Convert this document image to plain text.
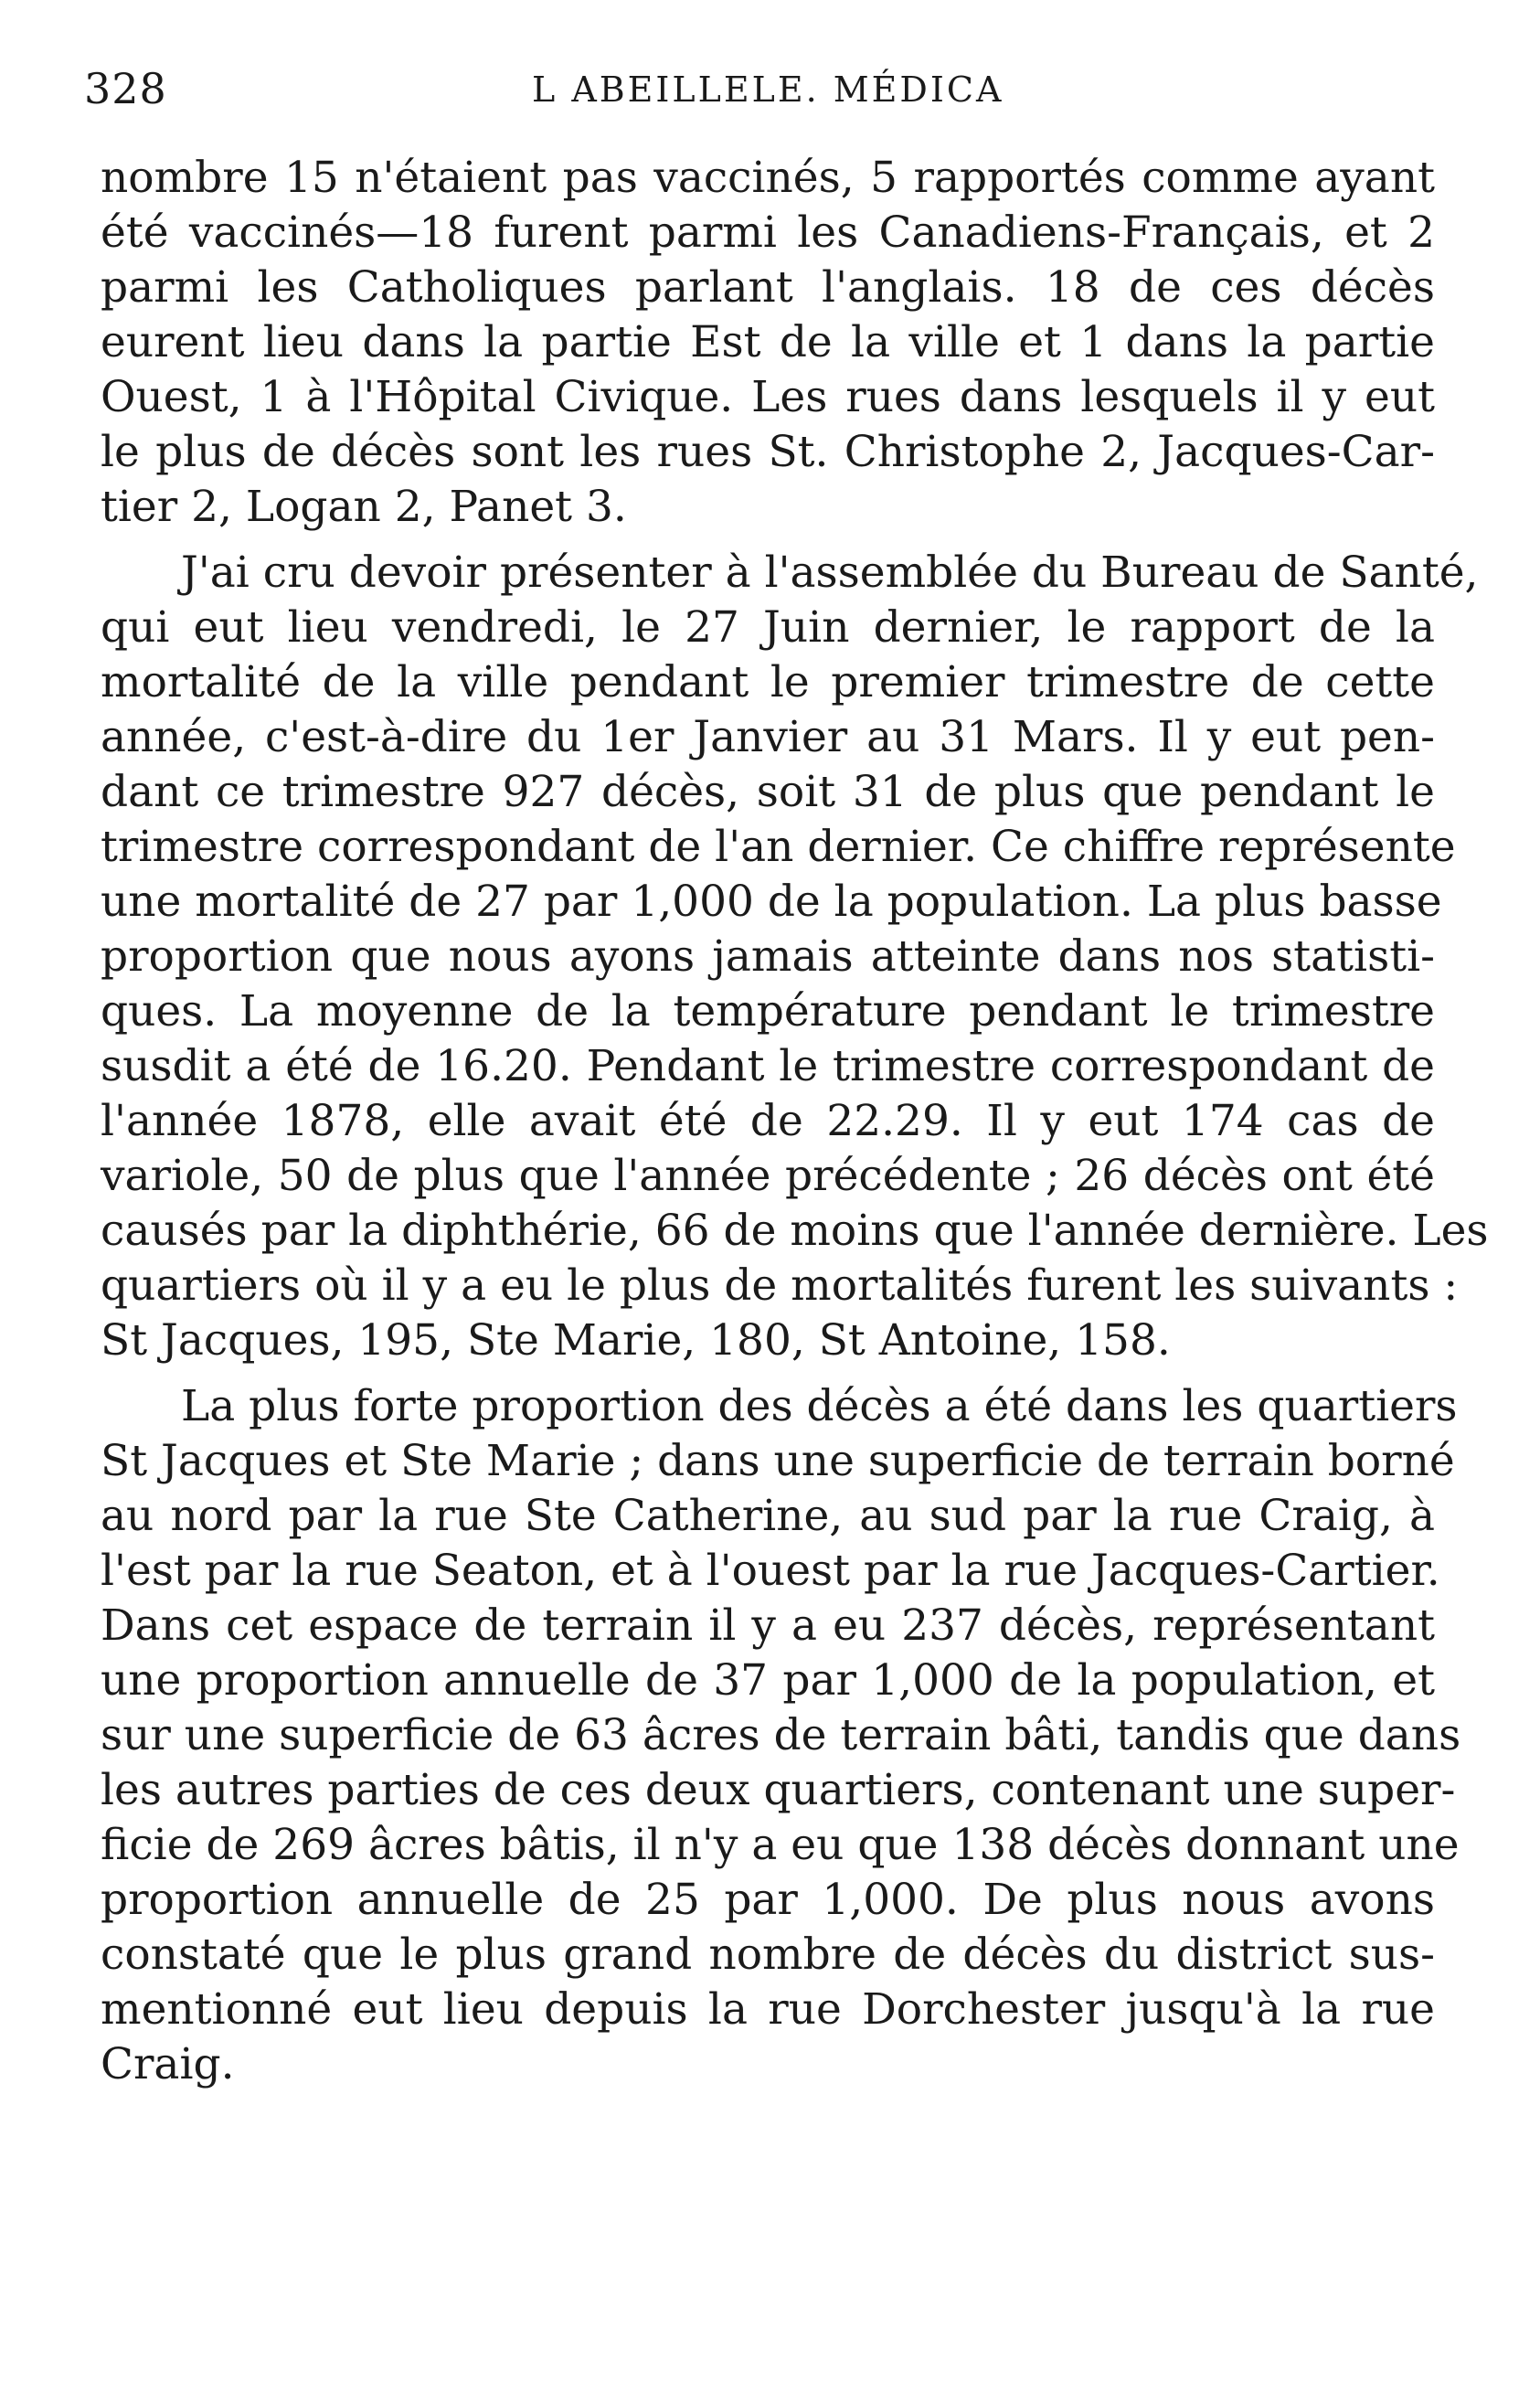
328	L ABEILLELE. MÉDICA
nombre 15 n'étaient pas vaccinés, 5 rapportés comme ayant
été vaccinés—18 furent parmi les Canadiens-Français, et 2
parmi les Catholiques parlant l'anglais. 18 de ces décès
eurent lieu dans la partie Est de la ville et 1 dans la partie
Ouest, 1 à l'Hôpital Civique. Les rues dans lesquels il y eut
le plus de décès sont les rues St. Christophe 2, Jacques-Car-
tier 2, Logan 2, Panet 3.
J'ai cru devoir présenter à l'assemblée du Bureau de Santé,
qui eut lieu vendredi, le 27 Juin dernier, le rapport de la
mortalité de la ville pendant le premier trimestre de cette
année, c'est-à-dire du 1er Janvier au 31 Mars. Il y eut pen-
dant ce trimestre 927 décès, soit 31 de plus que pendant le
trimestre correspondant de l'an dernier. Ce chiffre représente
une mortalité de 27 par 1,000 de la population. La plus basse
proportion que nous ayons jamais atteinte dans nos statisti-
ques. La moyenne de la température pendant le trimestre
susdit a été de 16.20. Pendant le trimestre correspondant de
l'année 1878, elle avait été de 22.29. Il y eut 174 cas de
variole, 50 de plus que l'année précédente ; 26 décès ont été
causés par la diphthérie, 66 de moins que l'année dernière. Les
quartiers où il y a eu le plus de mortalités furent les suivants :
St Jacques, 195, Ste Marie, 180, St Antoine, 158.
La plus forte proportion des décès a été dans les quartiers
St Jacques et Ste Marie ; dans une superficie de terrain borné
au nord par la rue Ste Catherine, au sud par la rue Craig, à
l'est par la rue Seaton, et à l'ouest par la rue Jacques-Cartier.
Dans cet espace de terrain il y a eu 237 décès, représentant
une proportion annuelle de 37 par 1,000 de la population, et
sur une superficie de 63 âcres de terrain bâti, tandis que dans
les autres parties de ces deux quartiers, contenant une super-
ficie de 269 âcres bâtis, il n'y a eu que 138 décès donnant une
proportion annuelle de 25 par 1,000. De plus nous avons
constaté que le plus grand nombre de décès du district sus-
mentionné eut lieu depuis la rue Dorchester jusqu'à la rue
Craig.
